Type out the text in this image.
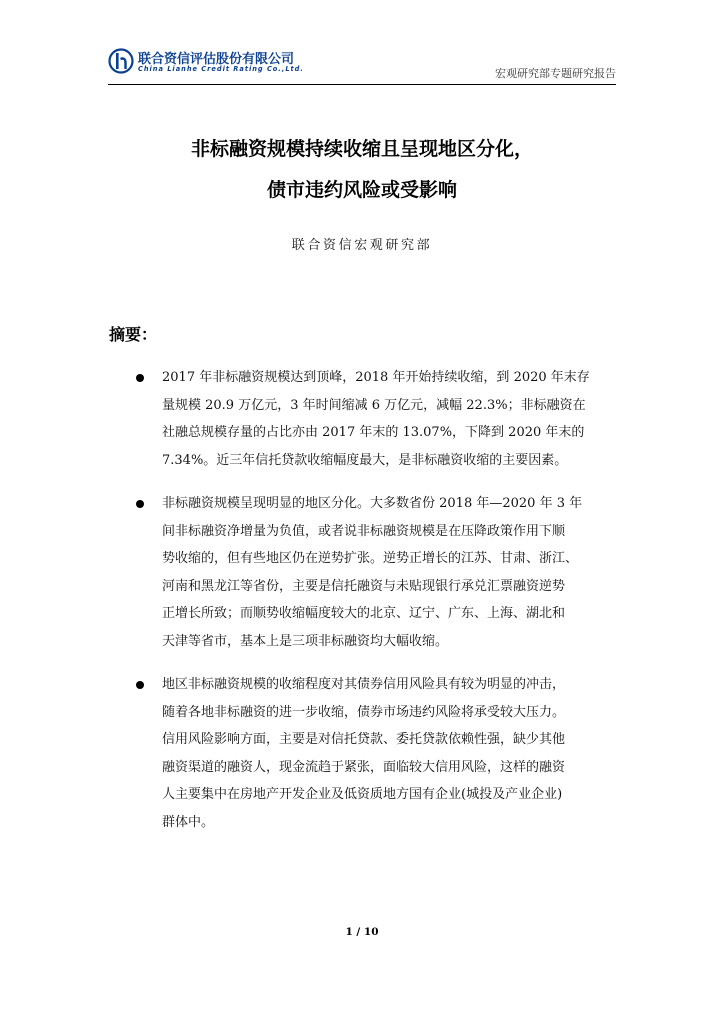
联合资信评估股份有限公司
China Lianhe Credit Rating Co.,Ltd.	宏观研究部专题研究报告
非标融资规模持续收缩且呈现地区分化，
债市违约风险或受影响
联合资信宏观研究部
摘要：
2017 年非标融资规模达到顶峰，2018 年开始持续收缩，到 2020 年末存
量规模 20.9 万亿元，3 年时间缩减 6 万亿元，减幅 22.3%；非标融资在
社融总规模存量的占比亦由 2017 年末的 13.07%，下降到 2020 年末的
7.34%。近三年信托贷款收缩幅度最大，是非标融资收缩的主要因素。
非标融资规模呈现明显的地区分化。大多数省份 2018 年—2020 年 3 年
间非标融资净增量为负值，或者说非标融资规模是在压降政策作用下顺
势收缩的，但有些地区仍在逆势扩张。逆势正增长的江苏、甘肃、浙江、
河南和黑龙江等省份，主要是信托融资与未贴现银行承兑汇票融资逆势
正增长所致；而顺势收缩幅度较大的北京、辽宁、广东、上海、湖北和
天津等省市，基本上是三项非标融资均大幅收缩。
地区非标融资规模的收缩程度对其债券信用风险具有较为明显的冲击，
随着各地非标融资的进一步收缩，债券市场违约风险将承受较大压力。
信用风险影响方面，主要是对信托贷款、委托贷款依赖性强，缺少其他
融资渠道的融资人，现金流趋于紧张，面临较大信用风险，这样的融资
人主要集中在房地产开发企业及低资质地方国有企业(城投及产业企业)
群体中。
1 / 10
